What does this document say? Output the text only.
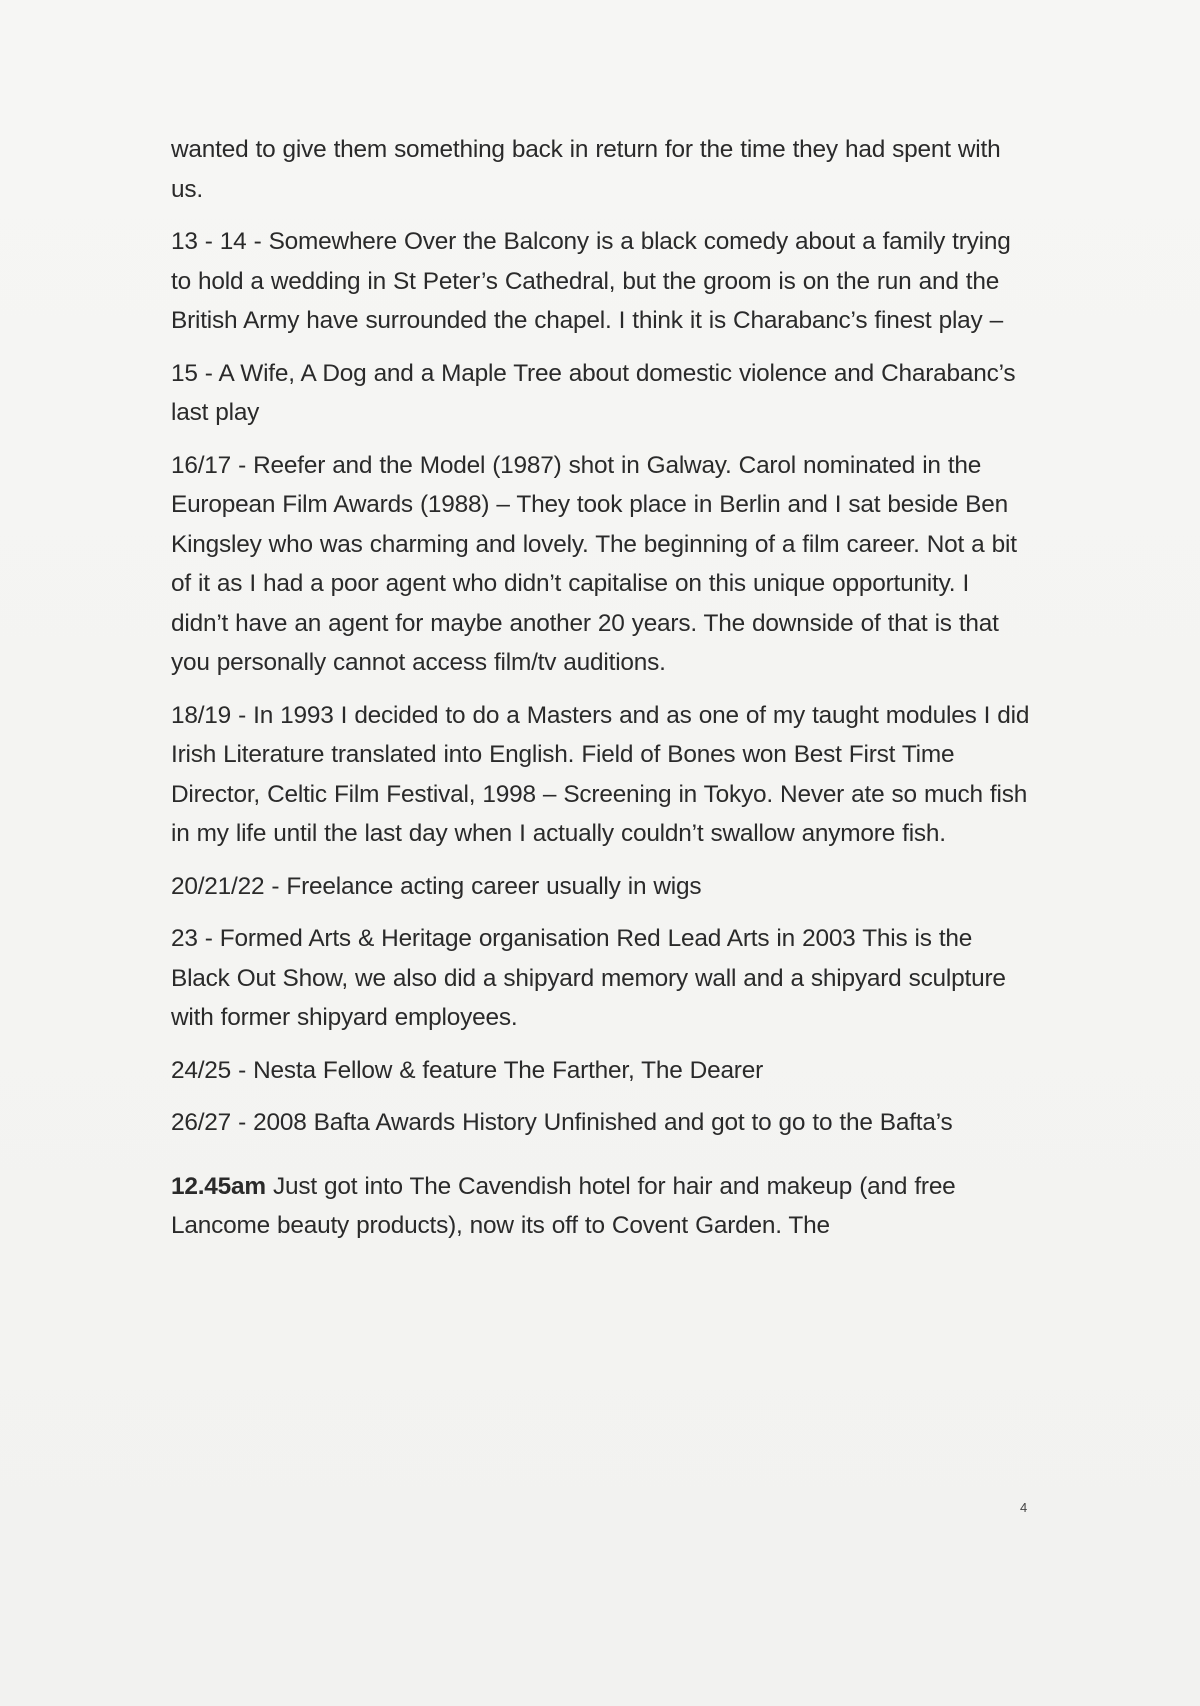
wanted to give them something back in return for the time they had spent with us.

13 - 14 - Somewhere Over the Balcony is a black comedy about a family trying to hold a wedding in St Peter’s Cathedral, but the groom is on the run and the British Army have surrounded the chapel. I think it is Charabanc’s finest play –

15 - A Wife, A Dog and a Maple Tree about domestic violence and Charabanc’s last play

16/17 - Reefer and the Model (1987) shot in Galway. Carol nominated in the European Film Awards (1988) – They took place in Berlin and I sat beside Ben Kingsley who was charming and lovely. The beginning of a film career. Not a bit of it as I had a poor agent who didn’t capitalise on this unique opportunity. I didn’t have an agent for maybe another 20 years. The downside of that is that you personally cannot access film/tv auditions.

18/19 - In 1993 I decided to do a Masters and as one of my taught modules I did Irish Literature translated into English. Field of Bones won Best First Time Director, Celtic Film Festival, 1998 – Screening in Tokyo. Never ate so much fish in my life until the last day when I actually couldn’t swallow anymore fish.

20/21/22 - Freelance acting career usually in wigs

23 - Formed Arts & Heritage organisation Red Lead Arts in 2003 This is the Black Out Show, we also did a shipyard memory wall and a shipyard sculpture with former shipyard employees.

24/25 - Nesta Fellow & feature The Farther, The Dearer

26/27 - 2008 Bafta Awards History Unfinished and got to go to the Bafta’s

12.45am Just got into The Cavendish hotel for hair and makeup (and free Lancome beauty products), now its off to Covent Garden. The

4
